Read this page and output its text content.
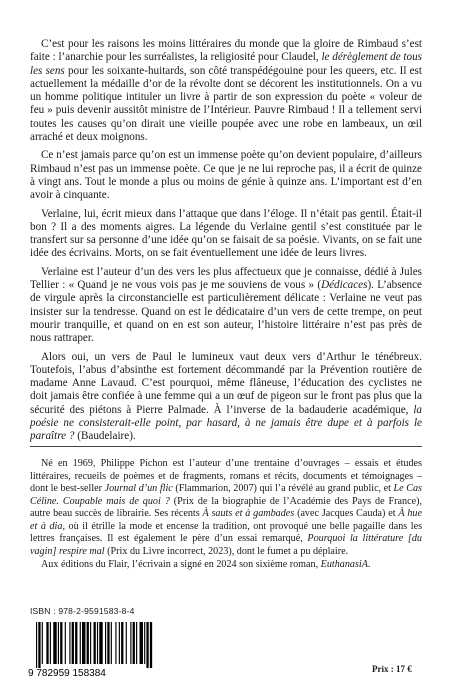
C’est pour les raisons les moins littéraires du monde que la gloire de Rimbaud s’est faite : l’anarchie pour les surréalistes, la religiosité pour Claudel, le dérèglement de tous les sens pour les soixante-huitards, son côté transpédégouine pour les queers, etc. Il est actuellement la médaille d’or de la révolte dont se décorent les institutionnels. On a vu un homme politique intituler un livre à partir de son expression du poète « voleur de feu » puis devenir aussitôt ministre de l’Intérieur. Pauvre Rimbaud ! Il a tellement servi toutes les causes qu’on dirait une vieille poupée avec une robe en lambeaux, un œil arraché et deux moignons.

Ce n’est jamais parce qu’on est un immense poète qu’on devient populaire, d’ailleurs Rimbaud n’est pas un immense poète. Ce que je ne lui reproche pas, il a écrit de quinze à vingt ans. Tout le monde a plus ou moins de génie à quinze ans. L’important est d’en avoir à cinquante.

Verlaine, lui, écrit mieux dans l’attaque que dans l’éloge. Il n’était pas gentil. Était-il bon ? Il a des moments aigres. La légende du Verlaine gentil s’est constituée par le transfert sur sa personne d’une idée qu’on se faisait de sa poésie. Vivants, on se fait une idée des écrivains. Morts, on se fait éventuellement une idée de leurs livres.

Verlaine est l’auteur d’un des vers les plus affectueux que je connaisse, dédié à Jules Tellier : « Quand je ne vous vois pas je me souviens de vous » (Dédicaces). L’absence de virgule après la circonstancielle est particulièrement délicate : Verlaine ne veut pas insister sur la tendresse. Quand on est le dédicataire d’un vers de cette trempe, on peut mourir tranquille, et quand on en est son auteur, l’histoire littéraire n’est pas près de nous rattraper.

Alors oui, un vers de Paul le lumineux vaut deux vers d’Arthur le ténébreux. Toutefois, l’abus d’absinthe est fortement décommandé par la Prévention routière de madame Anne Lavaud. C’est pourquoi, même flâneuse, l’éducation des cyclistes ne doit jamais être confiée à une femme qui a un œuf de pigeon sur le front pas plus que la sécurité des piétons à Pierre Palmade. À l’inverse de la badauderie académique, la poésie ne consisterait-elle point, par hasard, à ne jamais être dupe et à parfois le paraître ? (Baudelaire).

Né en 1969, Philippe Pichon est l’auteur d’une trentaine d’ouvrages – essais et études littéraires, recueils de poèmes et de fragments, romans et récits, documents et témoignages – dont le best-seller Journal d’un flic (Flammarion, 2007) qui l’a révélé au grand public, et Le Cas Céline. Coupable mais de quoi ? (Prix de la biographie de l’Académie des Pays de France), autre beau succès de librairie. Ses récents À sauts et à gambades (avec Jacques Cauda) et À hue et à dia, où il étrille la mode et encense la tradition, ont provoqué une belle pagaille dans les lettres françaises. Il est également le père d’un essai remarqué, Pourquoi la littérature [du vagin] respire mal (Prix du Livre incorrect, 2023), dont le fumet a pu déplaire.

Aux éditions du Flair, l’écrivain a signé en 2024 son sixième roman, EuthanasiA.

ISBN : 978-2-9591583-8-4
9 782959 158384	Prix : 17 €
